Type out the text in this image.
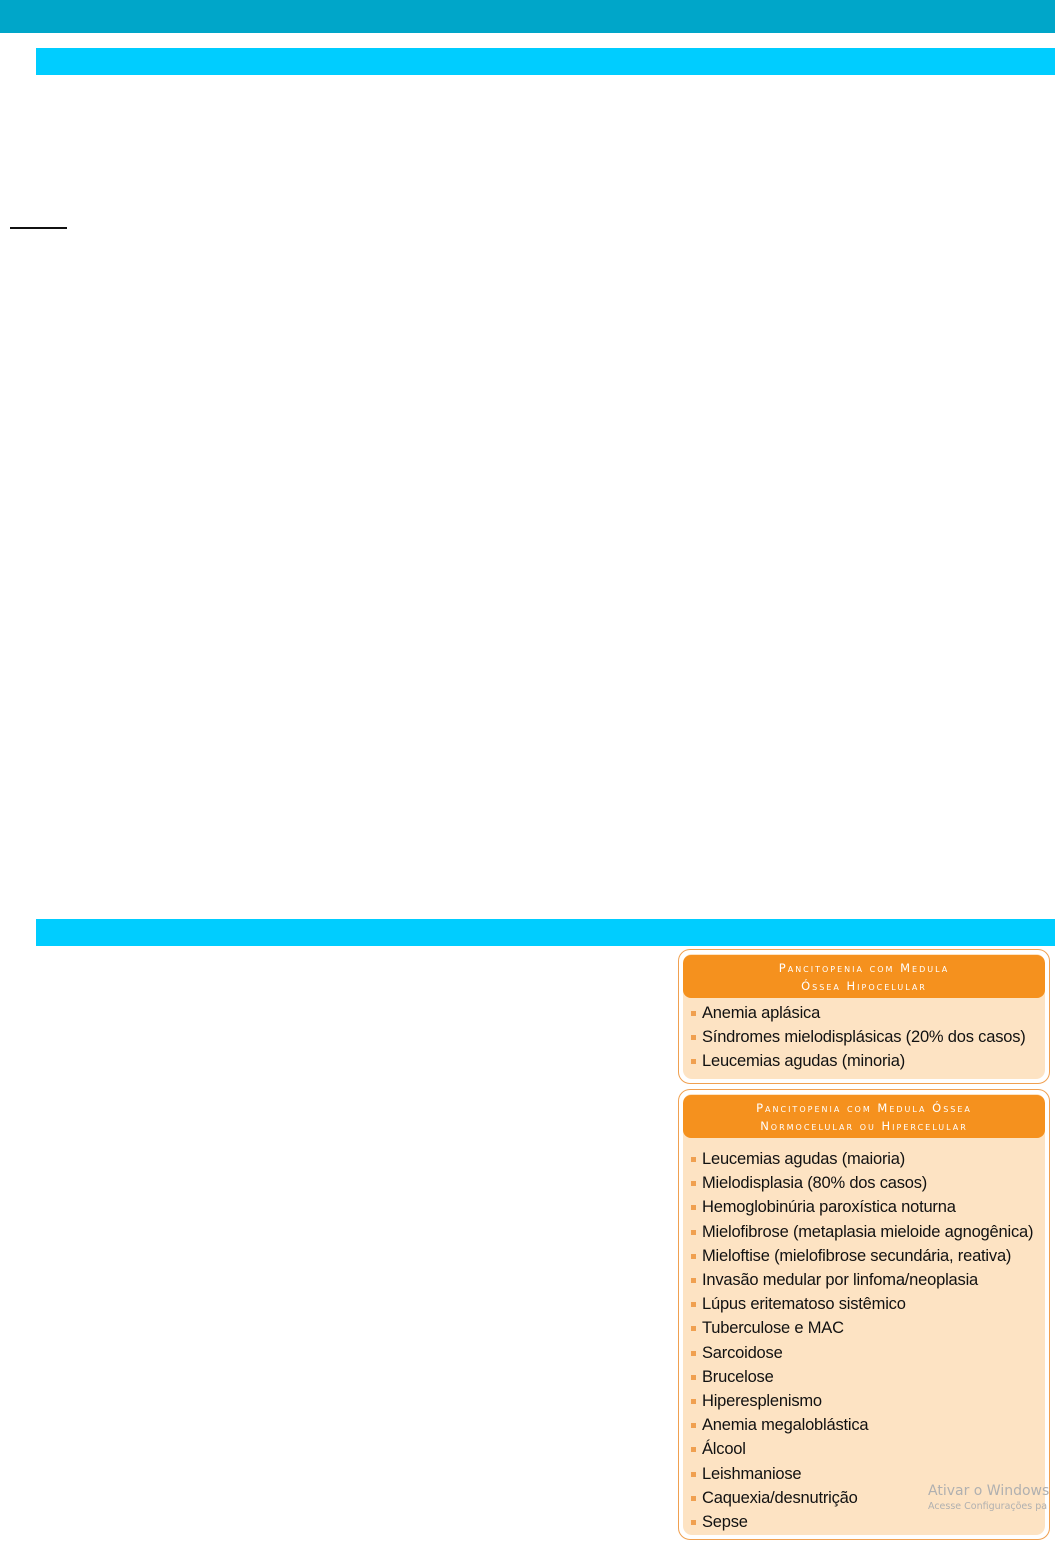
Pancitopenia com Medula
Óssea Hipocelular
Anemia aplásica
Síndromes mielodisplásicas (20% dos casos)
Leucemias agudas (minoria)
Pancitopenia com Medula Óssea
Normocelular ou Hipercelular
Leucemias agudas (maioria)
Mielodisplasia (80% dos casos)
Hemoglobinúria paroxística noturna
Mielofibrose (metaplasia mieloide agnogênica)
Mieloftise (mielofibrose secundária, reativa)
Invasão medular por linfoma/neoplasia
Lúpus eritematoso sistêmico
Tuberculose e MAC
Sarcoidose
Brucelose
Hiperesplenismo
Anemia megaloblástica
Álcool
Leishmaniose
Caquexia/desnutrição
Sepse
Ativar o Windows
Acesse Configurações pa
